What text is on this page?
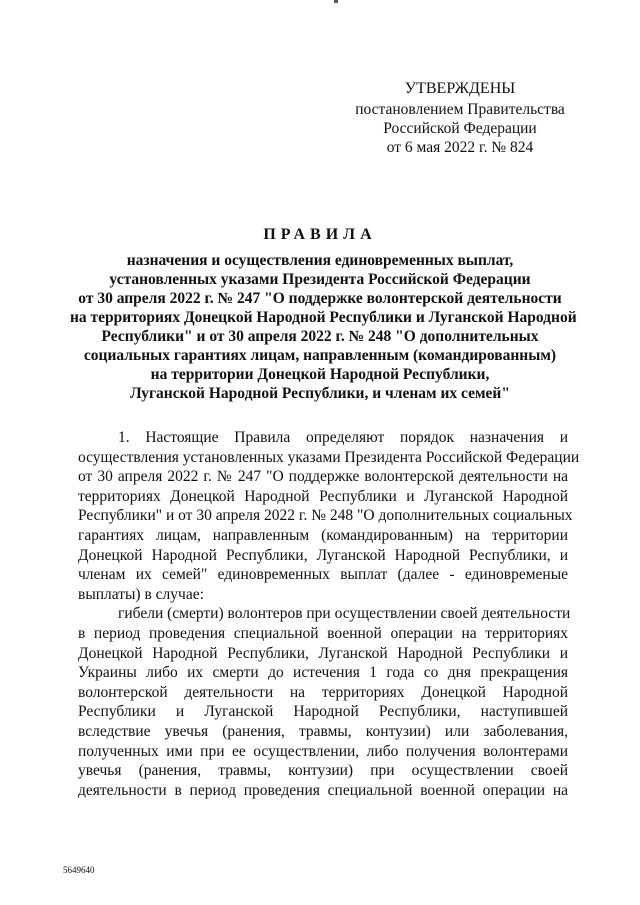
УТВЕРЖДЕНЫ
постановлением Правительства
Российской Федерации
от 6 мая 2022 г. № 824
ПРАВИЛА
назначения и осуществления единовременных выплат,
установленных указами Президента Российской Федерации
от 30 апреля 2022 г. № 247 "О поддержке волонтерской деятельности
на территориях Донецкой Народной Республики и Луганской Народной
Республики" и от 30 апреля 2022 г. № 248 "О дополнительных
социальных гарантиях лицам, направленным (командированным)
на территории Донецкой Народной Республики,
Луганской Народной Республики, и членам их семей"

1. Настоящие Правила определяют порядок назначения и
осуществления установленных указами Президента Российской Федерации
от 30 апреля 2022 г. № 247 "О поддержке волонтерской деятельности на
территориях Донецкой Народной Республики и Луганской Народной
Республики" и от 30 апреля 2022 г. № 248 "О дополнительных социальных
гарантиях лицам, направленным (командированным) на территории
Донецкой Народной Республики, Луганской Народной Республики, и
членам их семей" единовременных выплат (далее - единовременые
выплаты) в случае:

гибели (смерти) волонтеров при осуществлении своей деятельности
в период проведения специальной военной операции на территориях
Донецкой Народной Республики, Луганской Народной Республики и
Украины либо их смерти до истечения 1 года со дня прекращения
волонтерской деятельности на территориях Донецкой Народной
Республики и Луганской Народной Республики, наступившей
вследствие увечья (ранения, травмы, контузии) или заболевания,
полученных ими при ее осуществлении, либо получения волонтерами
увечья (ранения, травмы, контузии) при осуществлении своей
деятельности в период проведения специальной военной операции на

5649640
